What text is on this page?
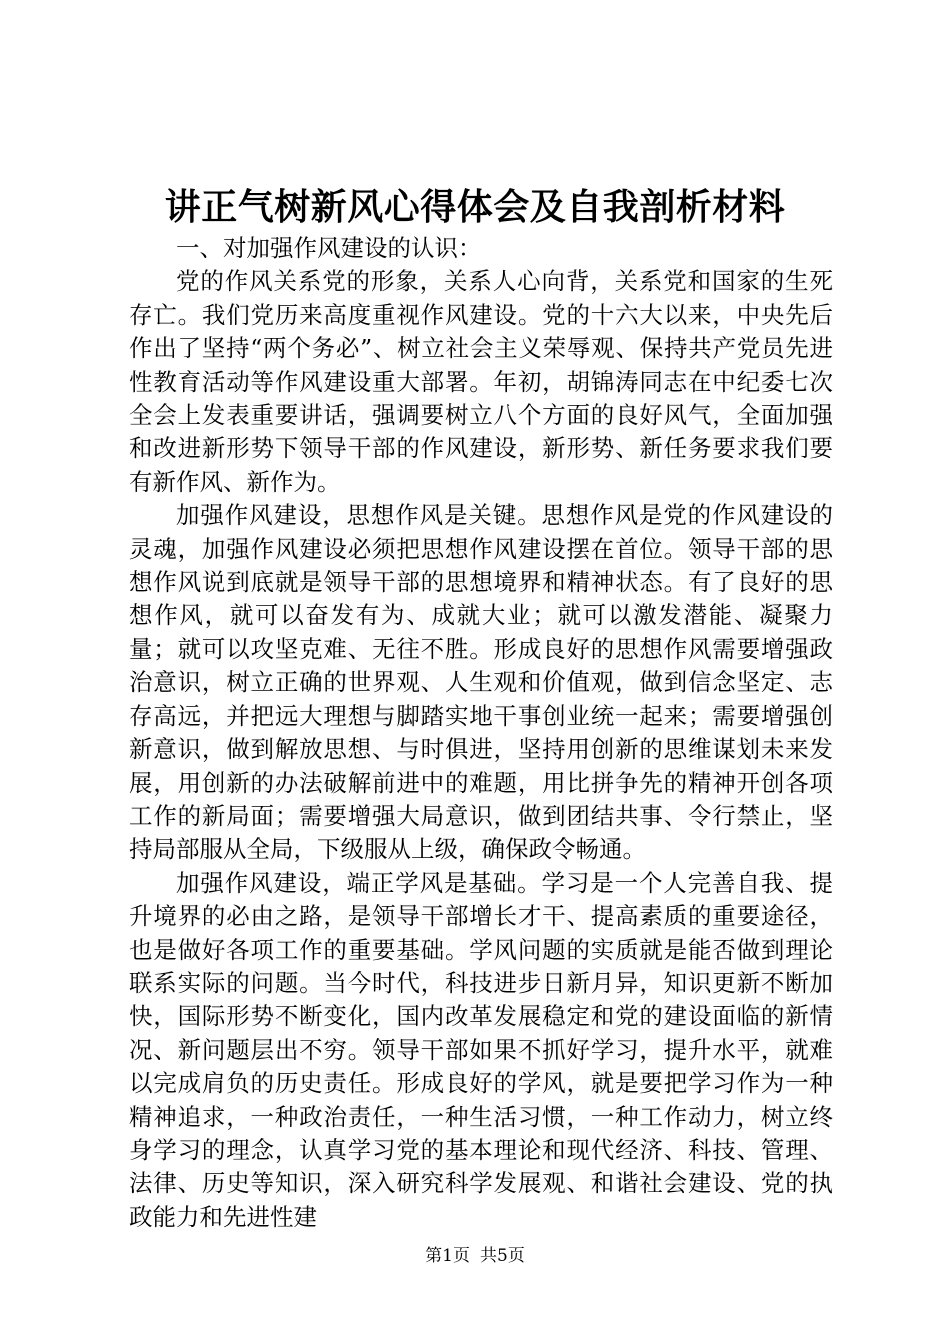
讲正气树新风心得体会及自我剖析材料

一、对加强作风建设的认识：

党的作风关系党的形象，关系人心向背，关系党和国家的生死存亡。我们党历来高度重视作风建设。党的十六大以来，中央先后作出了坚持“两个务必”、树立社会主义荣辱观、保持共产党员先进性教育活动等作风建设重大部署。年初，胡锦涛同志在中纪委七次全会上发表重要讲话，强调要树立八个方面的良好风气，全面加强和改进新形势下领导干部的作风建设，新形势、新任务要求我们要有新作风、新作为。

加强作风建设，思想作风是关键。思想作风是党的作风建设的灵魂，加强作风建设必须把思想作风建设摆在首位。领导干部的思想作风说到底就是领导干部的思想境界和精神状态。有了良好的思想作风，就可以奋发有为、成就大业；就可以激发潜能、凝聚力量；就可以攻坚克难、无往不胜。形成良好的思想作风需要增强政治意识，树立正确的世界观、人生观和价值观，做到信念坚定、志存高远，并把远大理想与脚踏实地干事创业统一起来；需要增强创新意识，做到解放思想、与时俱进，坚持用创新的思维谋划未来发展，用创新的办法破解前进中的难题，用比拼争先的精神开创各项工作的新局面；需要增强大局意识，做到团结共事、令行禁止，坚持局部服从全局，下级服从上级，确保政令畅通。

加强作风建设，端正学风是基础。学习是一个人完善自我、提升境界的必由之路，是领导干部增长才干、提高素质的重要途径，也是做好各项工作的重要基础。学风问题的实质就是能否做到理论联系实际的问题。当今时代，科技进步日新月异，知识更新不断加快，国际形势不断变化，国内改革发展稳定和党的建设面临的新情况、新问题层出不穷。领导干部如果不抓好学习，提升水平，就难以完成肩负的历史责任。形成良好的学风，就是要把学习作为一种精神追求，一种政治责任，一种生活习惯，一种工作动力，树立终身学习的理念，认真学习党的基本理论和现代经济、科技、管理、法律、历史等知识，深入研究科学发展观、和谐社会建设、党的执政能力和先进性建

第1页 共5页
